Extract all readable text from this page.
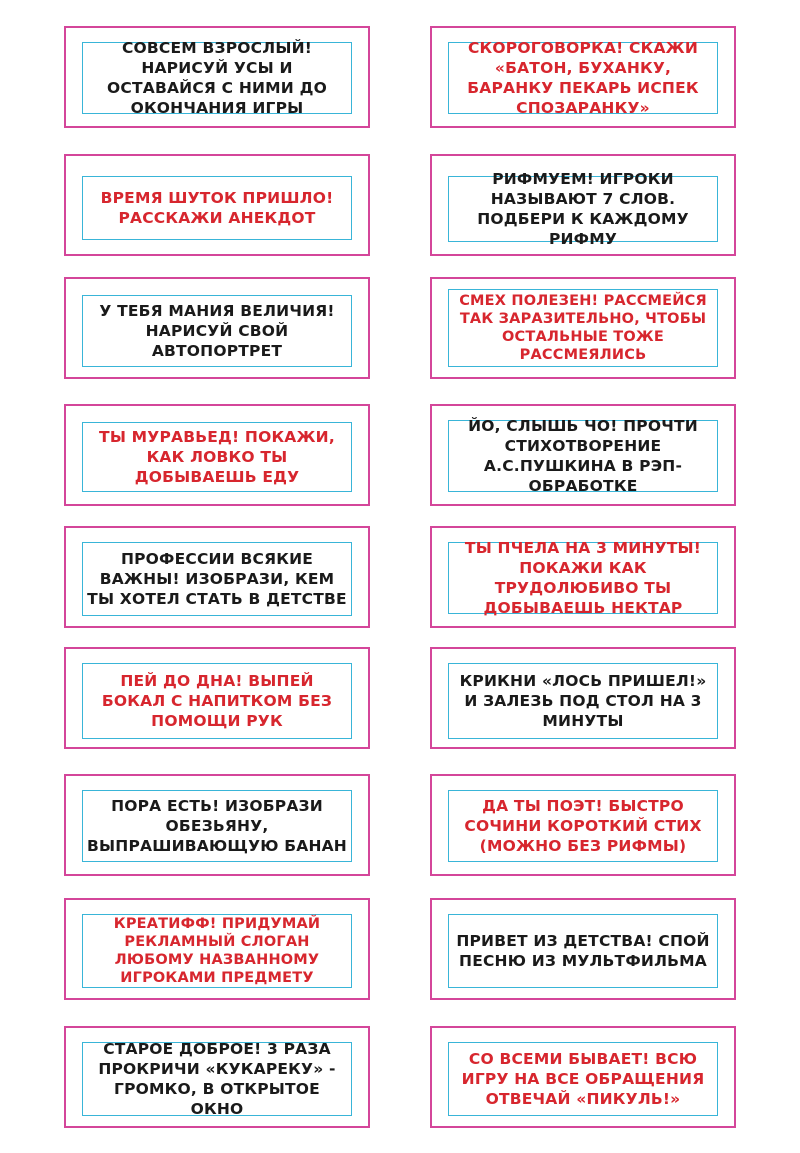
СОВСЕМ ВЗРОСЛЫЙ! НАРИСУЙ УСЫ И ОСТАВАЙСЯ С НИМИ ДО ОКОНЧАНИЯ ИГРЫ
СКОРОГОВОРКА! СКАЖИ «БАТОН, БУХАНКУ, БАРАНКУ ПЕКАРЬ ИСПЕК СПОЗАРАНКУ»
ВРЕМЯ ШУТОК ПРИШЛО! РАССКАЖИ АНЕКДОТ
РИФМУЕМ! ИГРОКИ НАЗЫВАЮТ 7 СЛОВ. ПОДБЕРИ К КАЖДОМУ РИФМУ
У ТЕБЯ МАНИЯ ВЕЛИЧИЯ! НАРИСУЙ СВОЙ АВТОПОРТРЕТ
СМЕХ ПОЛЕЗЕН! РАССМЕЙСЯ ТАК ЗАРАЗИТЕЛЬНО, ЧТОБЫ ОСТАЛЬНЫЕ ТОЖЕ РАССМЕЯЛИСЬ
ТЫ МУРАВЬЕД! ПОКАЖИ, КАК ЛОВКО ТЫ ДОБЫВАЕШЬ ЕДУ
ЙО, СЛЫШЬ ЧО! ПРОЧТИ СТИХОТВОРЕНИЕ А.С.ПУШКИНА В РЭП-ОБРАБОТКЕ
ПРОФЕССИИ ВСЯКИЕ ВАЖНЫ! ИЗОБРАЗИ, КЕМ ТЫ ХОТЕЛ СТАТЬ В ДЕТСТВЕ
ТЫ ПЧЕЛА НА 3 МИНУТЫ! ПОКАЖИ КАК ТРУДОЛЮБИВО ТЫ ДОБЫВАЕШЬ НЕКТАР
ПЕЙ ДО ДНА! ВЫПЕЙ БОКАЛ С НАПИТКОМ БЕЗ ПОМОЩИ РУК
КРИКНИ «ЛОСЬ ПРИШЕЛ!» И ЗАЛЕЗЬ ПОД СТОЛ НА 3 МИНУТЫ
ПОРА ЕСТЬ! ИЗОБРАЗИ ОБЕЗЬЯНУ, ВЫПРАШИВАЮЩУЮ БАНАН
ДА ТЫ ПОЭТ! БЫСТРО СОЧИНИ КОРОТКИЙ СТИХ (МОЖНО БЕЗ РИФМЫ)
КРЕАТИФФ! ПРИДУМАЙ РЕКЛАМНЫЙ СЛОГАН ЛЮБОМУ НАЗВАННОМУ ИГРОКАМИ ПРЕДМЕТУ
ПРИВЕТ ИЗ ДЕТСТВА! СПОЙ ПЕСНЮ ИЗ МУЛЬТФИЛЬМА
СТАРОЕ ДОБРОЕ! 3 РАЗА ПРОКРИЧИ «КУКАРЕКУ» - ГРОМКО, В ОТКРЫТОЕ ОКНО
СО ВСЕМИ БЫВАЕТ! ВСЮ ИГРУ НА ВСЕ ОБРАЩЕНИЯ ОТВЕЧАЙ «ПИКУЛЬ!»
